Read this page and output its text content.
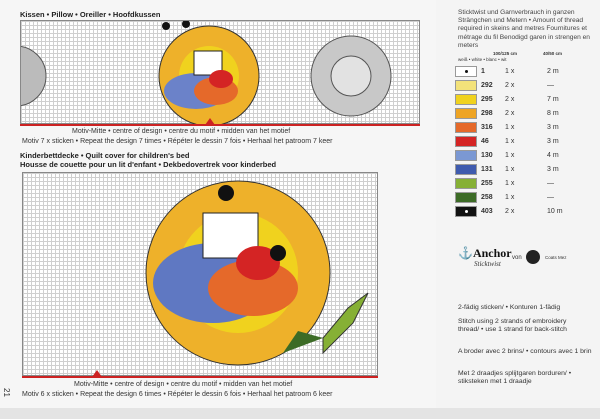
Kissen • Pillow • Oreiller • Hoofdkussen
Motiv-Mitte • centre of design • centre du motif • midden van het motief
Motiv 7 x sticken • Repeat the design 7 times • Répéter le dessin 7 fois • Herhaal het patroom 7 keer
Kinderbettdecke • Quilt cover for children's bed
Housse de couette pour un lit d'enfant • Dekbedovertrek voor kinderbed
Motiv-Mitte • centre of design • centre du motif • midden van het motief
Motiv 6 x sticken • Repeat the design 6 times • Répéter le dessin 6 fois • Herhaal het patroom 6 keer
21
Sticktwist und Garnverbrauch in ganzen Strängchen und Metern • Amount of thread required in skeins and metres Fournitures et métrage du fil Benodigd garen in strengen en meters
100/125 cm	40/50 cm
weiß • white • blanc • wit
1	1 x	2 m
292 2 x	—
295 2 x	7 m
298 2 x	8 m
316 1 x	3 m
46 1 x	3 m
130 1 x	4 m
131 1 x	3 m
255 1 x	—
258 1 x	—
403 2 x	10 m
⚓Anchor
Sticktwist
von	Coats Mez
2-fädig sticken/ • Konturen 1-fädig
Stitch using 2 strands of embroidery thread/ • use 1 strand for back-stitch
A broder avec 2 brins/ • contours avec 1 brin
Met 2 draadjes splijtgaren borduren/ • stiksteken met 1 draadje
